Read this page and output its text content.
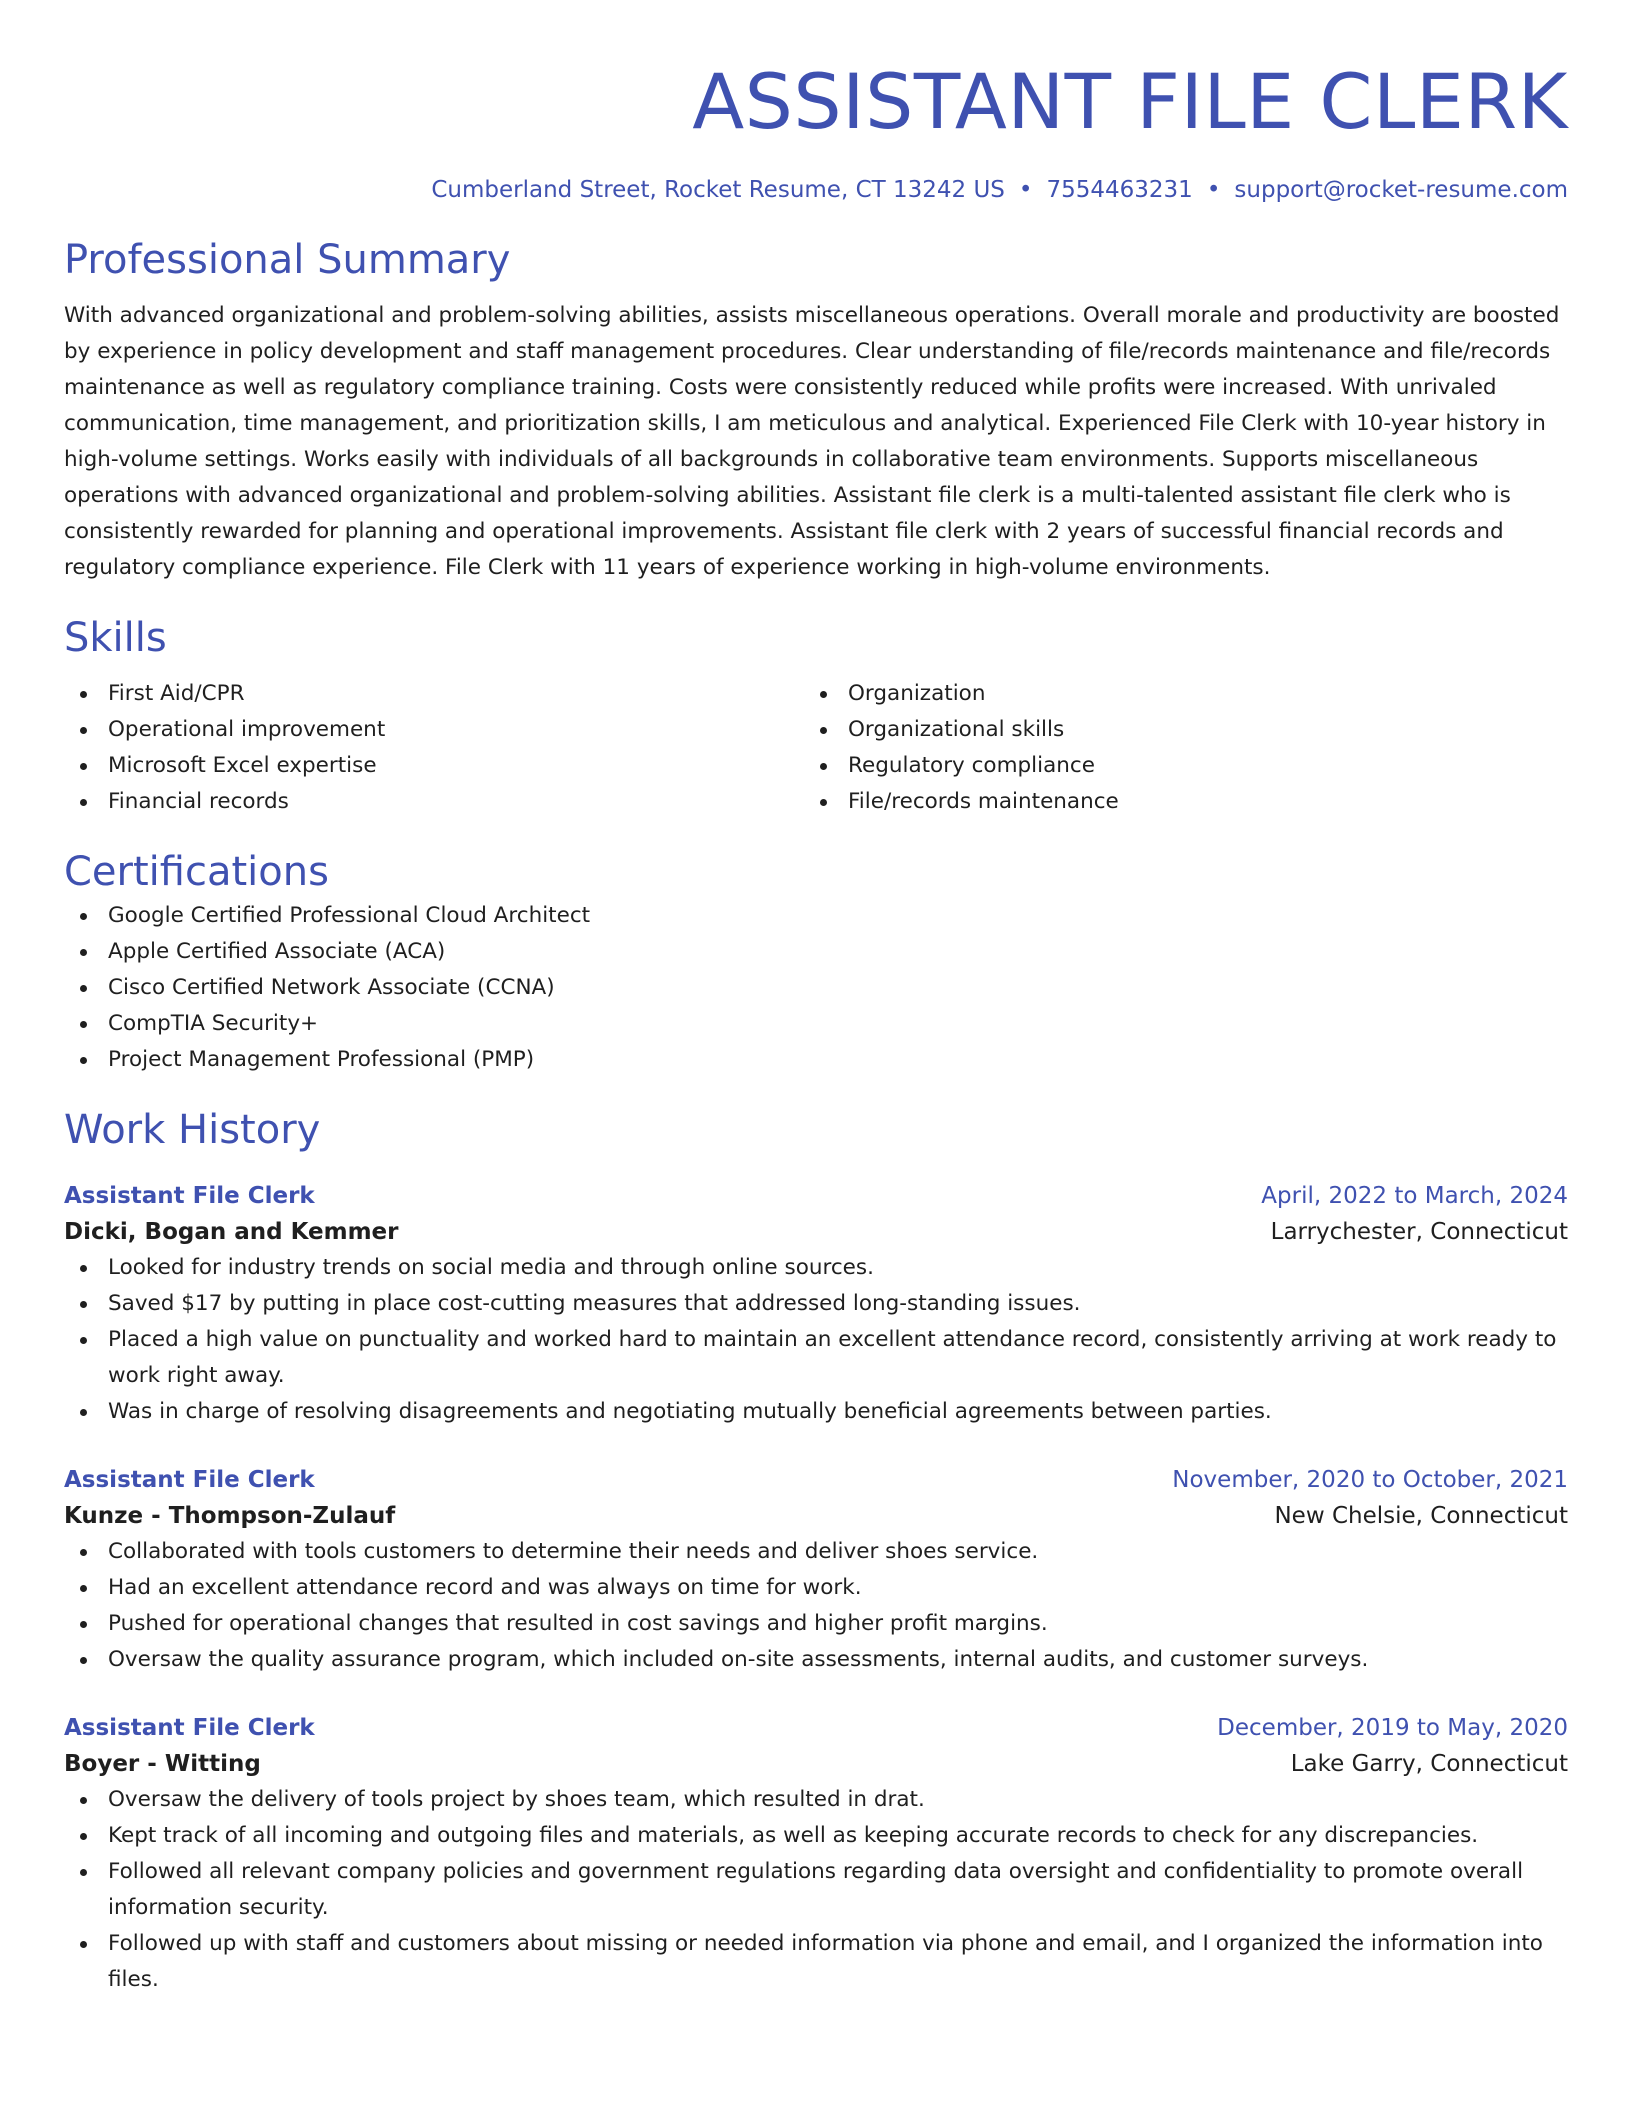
ASSISTANT FILE CLERK
Cumberland Street, Rocket Resume, CT 13242 US • 7554463231 • support@rocket-resume.com
Professional Summary

With advanced organizational and problem-solving abilities, assists miscellaneous operations. Overall morale and productivity are boosted by experience in policy development and staff management procedures. Clear understanding of file/records maintenance and file/records maintenance as well as regulatory compliance training. Costs were consistently reduced while profits were increased. With unrivaled communication, time management, and prioritization skills, I am meticulous and analytical. Experienced File Clerk with 10-year history in high-volume settings. Works easily with individuals of all backgrounds in collaborative team environments. Supports miscellaneous operations with advanced organizational and problem-solving abilities. Assistant file clerk is a multi-talented assistant file clerk who is consistently rewarded for planning and operational improvements. Assistant file clerk with 2 years of successful financial records and regulatory compliance experience. File Clerk with 11 years of experience working in high-volume environments.

Skills
First Aid/CPR
Operational improvement
Microsoft Excel expertise
Financial records
Organization
Organizational skills
Regulatory compliance
File/records maintenance
Certifications
Google Certified Professional Cloud Architect
Apple Certified Associate (ACA)
Cisco Certified Network Associate (CCNA)
CompTIA Security+
Project Management Professional (PMP)
Work History
Assistant File Clerk	April, 2022 to March, 2024
Dicki, Bogan and Kemmer	Larrychester, Connecticut
Looked for industry trends on social media and through online sources.
Saved $17 by putting in place cost-cutting measures that addressed long-standing issues.
Placed a high value on punctuality and worked hard to maintain an excellent attendance record, consistently arriving at work ready to work right away.
Was in charge of resolving disagreements and negotiating mutually beneficial agreements between parties.
Assistant File Clerk	November, 2020 to October, 2021
Kunze - Thompson-Zulauf	New Chelsie, Connecticut
Collaborated with tools customers to determine their needs and deliver shoes service.
Had an excellent attendance record and was always on time for work.
Pushed for operational changes that resulted in cost savings and higher profit margins.
Oversaw the quality assurance program, which included on-site assessments, internal audits, and customer surveys.
Assistant File Clerk	December, 2019 to May, 2020
Boyer - Witting	Lake Garry, Connecticut
Oversaw the delivery of tools project by shoes team, which resulted in drat.
Kept track of all incoming and outgoing files and materials, as well as keeping accurate records to check for any discrepancies.
Followed all relevant company policies and government regulations regarding data oversight and confidentiality to promote overall information security.
Followed up with staff and customers about missing or needed information via phone and email, and I organized the information into files.
